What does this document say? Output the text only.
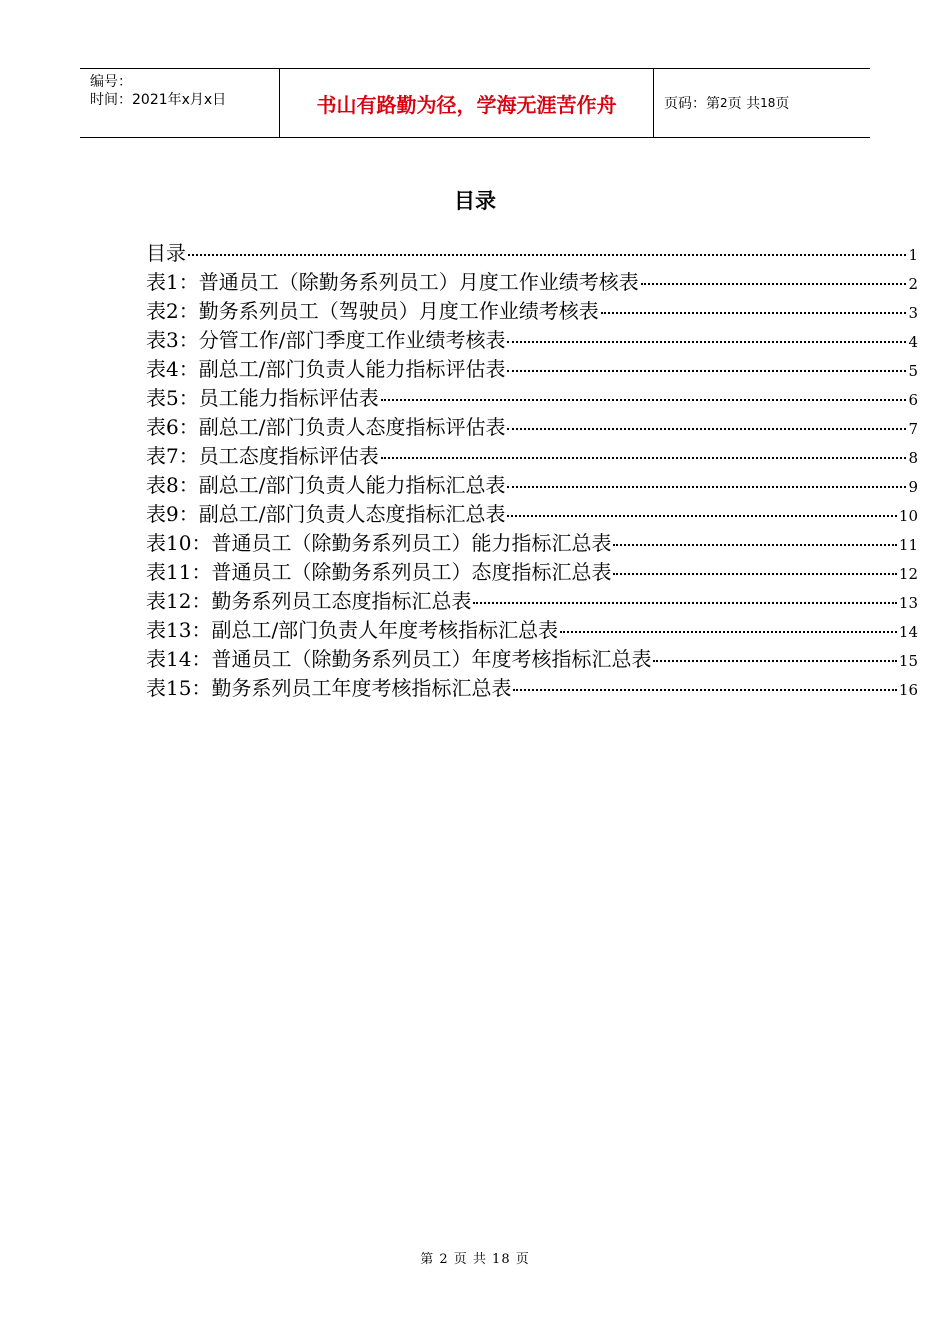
编号：
时间：2021年x月x日	书山有路勤为径，学海无涯苦作舟	页码：第 2 页 共 18 页
目录
目录	1
表1：普通员工（除勤务系列员工）月度工作业绩考核表	2
表2：勤务系列员工（驾驶员）月度工作业绩考核表	3
表3：分管工作/部门季度工作业绩考核表	4
表4：副总工/部门负责人能力指标评估表	5
表5：员工能力指标评估表	6
表6：副总工/部门负责人态度指标评估表	7
表7：员工态度指标评估表	8
表8：副总工/部门负责人能力指标汇总表	9
表9：副总工/部门负责人态度指标汇总表	10
表10：普通员工（除勤务系列员工）能力指标汇总表	11
表11：普通员工（除勤务系列员工）态度指标汇总表	12
表12：勤务系列员工态度指标汇总表	13
表13：副总工/部门负责人年度考核指标汇总表	14
表14：普通员工（除勤务系列员工）年度考核指标汇总表	15
表15：勤务系列员工年度考核指标汇总表	16
第 2 页 共 18 页
